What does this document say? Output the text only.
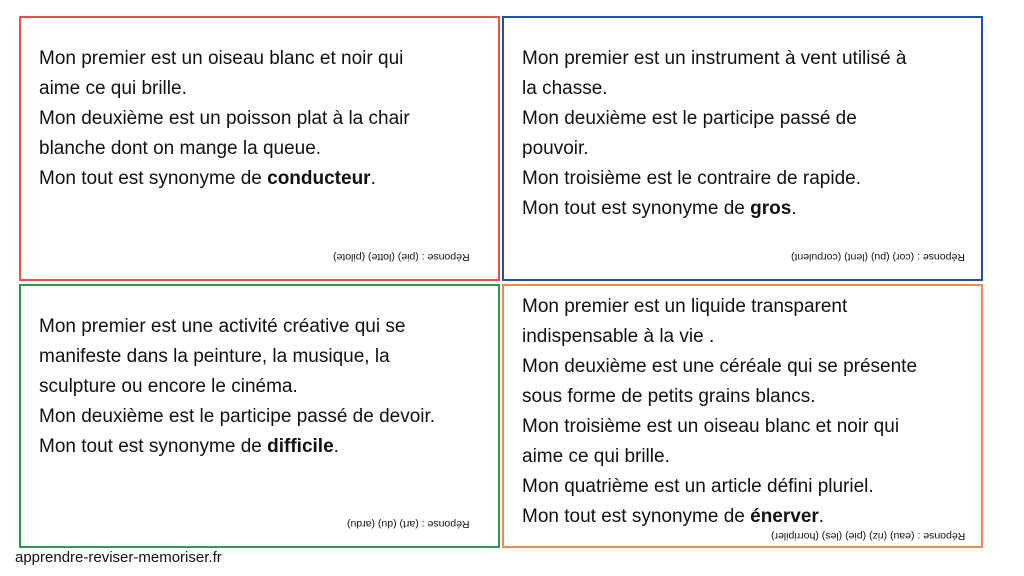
Mon premier est un oiseau blanc et noir qui
aime ce qui brille.
Mon deuxième est un poisson plat à la chair
blanche dont on mange la queue.
Mon tout est synonyme de conducteur.
Réponse : (pie) (lotte) (pilote)
Mon premier est un instrument à vent utilisé à
la chasse.
Mon deuxième est le participe passé de
pouvoir.
Mon troisième est le contraire de rapide.
Mon tout est synonyme de gros.
Réponse : (cor) (pu) (lent) (corpulent)
Mon premier est une activité créative qui se
manifeste dans la peinture, la musique, la
sculpture ou encore le cinéma.
Mon deuxième est le participe passé de devoir.
Mon tout est synonyme de difficile.
Réponse : (art) (du) (ardu)
Mon premier est un liquide transparent
indispensable à la vie .
Mon deuxième est une céréale qui se présente
sous forme de petits grains blancs.
Mon troisième est un oiseau blanc et noir qui
aime ce qui brille.
Mon quatrième est un article défini pluriel.
Mon tout est synonyme de énerver.
Réponse : (eau) (riz) (pie) (les) (horripiler)
apprendre-reviser-memoriser.fr
